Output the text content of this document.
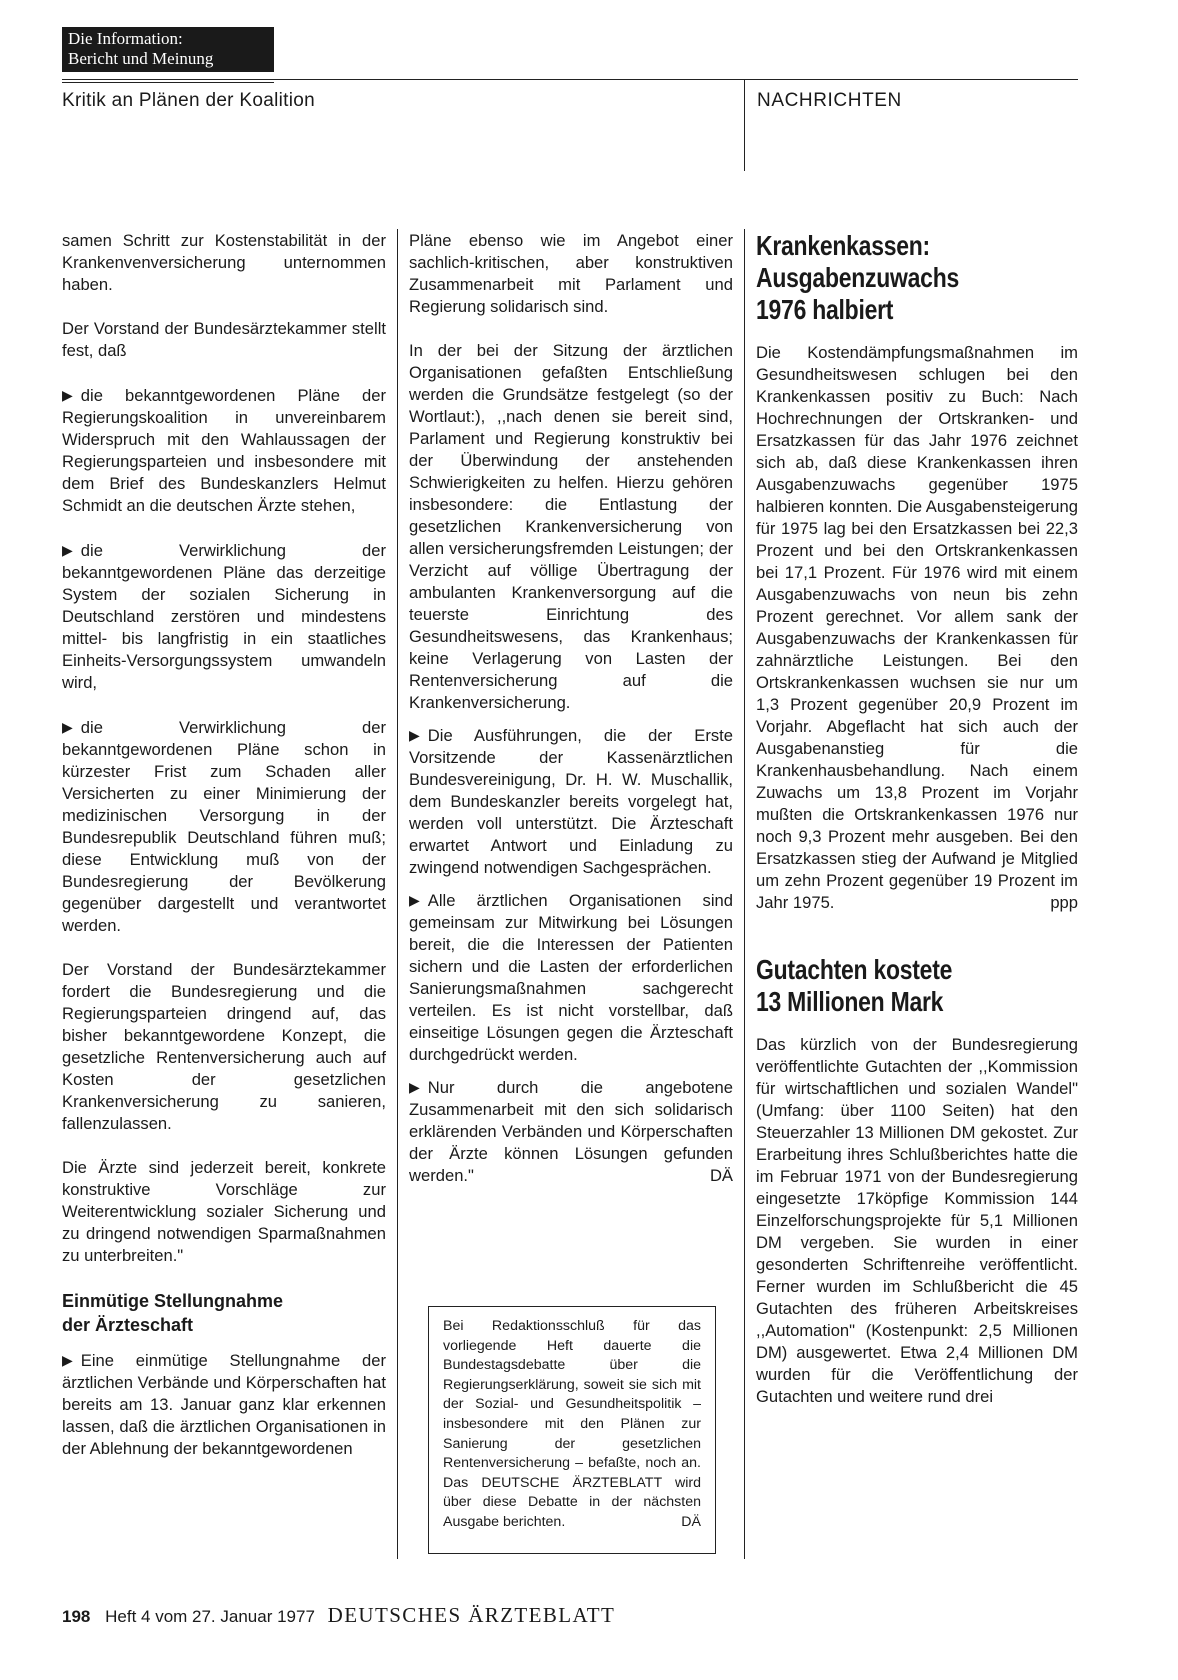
Die Information:
Bericht und Meinung
Kritik an Plänen der Koalition	NACHRICHTEN

samen Schritt zur Kostenstabilität in der Krankenvenversicherung unternommen haben.

Der Vorstand der Bundesärztekammer stellt fest, daß

▶ die bekanntgewordenen Pläne der Regierungskoalition in unvereinbarem Widerspruch mit den Wahlaussagen der Regierungsparteien und insbesondere mit dem Brief des Bundeskanzlers Helmut Schmidt an die deutschen Ärzte stehen,

▶ die Verwirklichung der bekanntgewordenen Pläne das derzeitige System der sozialen Sicherung in Deutschland zerstören und mindestens mittel- bis langfristig in ein staatliches Einheits-Versorgungssystem umwandeln wird,

▶ die Verwirklichung der bekanntgewordenen Pläne schon in kürzester Frist zum Schaden aller Versicherten zu einer Minimierung der medizinischen Versorgung in der Bundesrepublik Deutschland führen muß; diese Entwicklung muß von der Bundesregierung der Bevölkerung gegenüber dargestellt und verantwortet werden.

Der Vorstand der Bundesärztekammer fordert die Bundesregierung und die Regierungsparteien dringend auf, das bisher bekanntgewordene Konzept, die gesetzliche Rentenversicherung auch auf Kosten der gesetzlichen Krankenversicherung zu sanieren, fallenzulassen.

Die Ärzte sind jederzeit bereit, konkrete konstruktive Vorschläge zur Weiterentwicklung sozialer Sicherung und zu dringend notwendigen Sparmaßnahmen zu unterbreiten."

Einmütige Stellungnahme der Ärzteschaft

▶ Eine einmütige Stellungnahme der ärztlichen Verbände und Körperschaften hat bereits am 13. Januar ganz klar erkennen lassen, daß die ärztlichen Organisationen in der Ablehnung der bekanntgewordenen

Pläne ebenso wie im Angebot einer sachlich-kritischen, aber konstruktiven Zusammenarbeit mit Parlament und Regierung solidarisch sind.

In der bei der Sitzung der ärztlichen Organisationen gefaßten Entschließung werden die Grundsätze festgelegt (so der Wortlaut:), ,,nach denen sie bereit sind, Parlament und Regierung konstruktiv bei der Überwindung der anstehenden Schwierigkeiten zu helfen. Hierzu gehören insbesondere: die Entlastung der gesetzlichen Krankenversicherung von allen versicherungsfremden Leistungen; der Verzicht auf völlige Übertragung der ambulanten Krankenversorgung auf die teuerste Einrichtung des Gesundheitswesens, das Krankenhaus; keine Verlagerung von Lasten der Rentenversicherung auf die Krankenversicherung.

▶ Die Ausführungen, die der Erste Vorsitzende der Kassenärztlichen Bundesvereinigung, Dr. H. W. Muschallik, dem Bundeskanzler bereits vorgelegt hat, werden voll unterstützt. Die Ärzteschaft erwartet Antwort und Einladung zu zwingend notwendigen Sachgesprächen.

▶ Alle ärztlichen Organisationen sind gemeinsam zur Mitwirkung bei Lösungen bereit, die die Interessen der Patienten sichern und die Lasten der erforderlichen Sanierungsmaßnahmen sachgerecht verteilen. Es ist nicht vorstellbar, daß einseitige Lösungen gegen die Ärzteschaft durchgedrückt werden.

▶ Nur durch die angebotene Zusammenarbeit mit den sich solidarisch erklärenden Verbänden und Körperschaften der Ärzte können Lösungen gefunden werden."	DÄ

Bei Redaktionsschluß für das vorliegende Heft dauerte die Bundestagsdebatte über die Regierungserklärung, soweit sie sich mit der Sozial- und Gesundheitspolitik – insbesondere mit den Plänen zur Sanierung der gesetzlichen Rentenversicherung – befaßte, noch an. Das DEUTSCHE ÄRZTEBLATT wird über diese Debatte in der nächsten Ausgabe berichten.	DÄ
Krankenkassen: Ausgabenzuwachs 1976 halbiert

Die Kostendämpfungsmaßnahmen im Gesundheitswesen schlugen bei den Krankenkassen positiv zu Buch: Nach Hochrechnungen der Ortskranken- und Ersatzkassen für das Jahr 1976 zeichnet sich ab, daß diese Krankenkassen ihren Ausgabenzuwachs gegenüber 1975 halbieren konnten. Die Ausgabensteigerung für 1975 lag bei den Ersatzkassen bei 22,3 Prozent und bei den Ortskrankenkassen bei 17,1 Prozent. Für 1976 wird mit einem Ausgabenzuwachs von neun bis zehn Prozent gerechnet. Vor allem sank der Ausgabenzuwachs der Krankenkassen für zahnärztliche Leistungen. Bei den Ortskrankenkassen wuchsen sie nur um 1,3 Prozent gegenüber 20,9 Prozent im Vorjahr. Abgeflacht hat sich auch der Ausgabenanstieg für die Krankenhausbehandlung. Nach einem Zuwachs um 13,8 Prozent im Vorjahr mußten die Ortskrankenkassen 1976 nur noch 9,3 Prozent mehr ausgeben. Bei den Ersatzkassen stieg der Aufwand je Mitglied um zehn Prozent gegenüber 19 Prozent im Jahr 1975.	ppp

Gutachten kostete 13 Millionen Mark

Das kürzlich von der Bundesregierung veröffentlichte Gutachten der ,,Kommission für wirtschaftlichen und sozialen Wandel" (Umfang: über 1100 Seiten) hat den Steuerzahler 13 Millionen DM gekostet. Zur Erarbeitung ihres Schlußberichtes hatte die im Februar 1971 von der Bundesregierung eingesetzte 17köpfige Kommission 144 Einzelforschungsprojekte für 5,1 Millionen DM vergeben. Sie wurden in einer gesonderten Schriftenreihe veröffentlicht. Ferner wurden im Schlußbericht die 45 Gutachten des früheren Arbeitskreises ,,Automation" (Kostenpunkt: 2,5 Millionen DM) ausgewertet. Etwa 2,4 Millionen DM wurden für die Veröffentlichung der Gutachten und weitere rund drei

198 Heft 4 vom 27. Januar 1977 DEUTSCHES ÄRZTEBLATT
